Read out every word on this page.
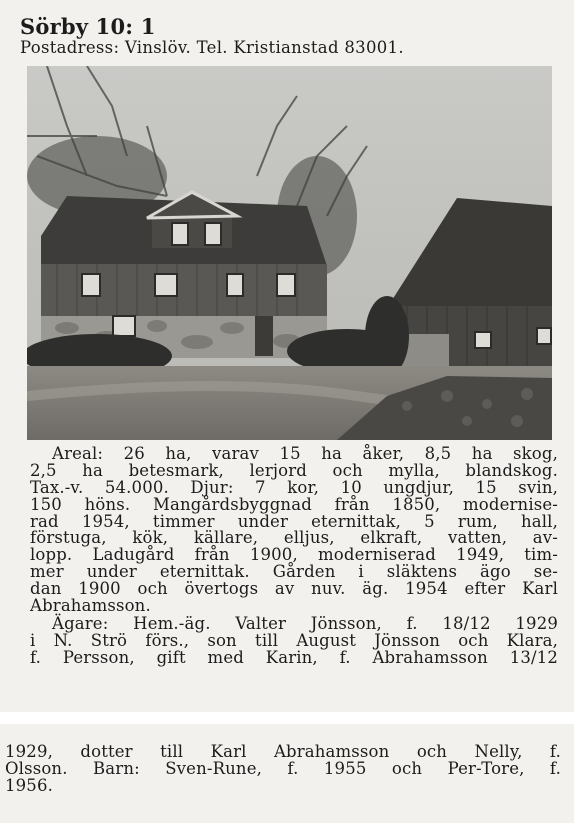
Sörby 10: 1
Postadress: Vinslöv. Tel. Kristianstad 83001.
Areal: 26 ha, varav 15 ha åker, 8,5 ha skog,
2,5 ha betesmark, lerjord och mylla, blandskog.
Tax.-v. 54.000. Djur: 7 kor, 10 ungdjur, 15 svin,
150 höns. Mangårdsbyggnad från 1850, modernise-
rad 1954, timmer under eternittak, 5 rum, hall,
förstuga, kök, källare, elljus, elkraft, vatten, av-
lopp. Ladugård från 1900, moderniserad 1949, tim-
mer under eternittak. Gården i släktens ägo se-
dan 1900 och övertogs av nuv. äg. 1954 efter Karl
Abrahamsson.
Ägare: Hem.-äg. Valter Jönsson, f. 18/12 1929
i N. Strö förs., son till August Jönsson och Klara,
f. Persson, gift med Karin, f. Abrahamsson 13/12
1929, dotter till Karl Abrahamsson och Nelly, f.
Olsson. Barn: Sven-Rune, f. 1955 och Per-Tore, f.
1956.
